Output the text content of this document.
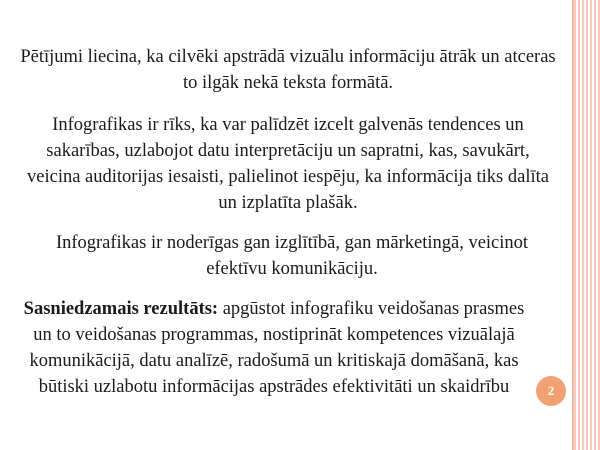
Pētījumi liecina, ka cilvēki apstrādā vizuālu informāciju ātrāk un atceras to ilgāk nekā teksta formātā.

Infografikas ir rīks, ka var palīdzēt izcelt galvenās tendences un sakarības, uzlabojot datu interpretāciju un sapratni, kas, savukārt, veicina auditorijas iesaisti, palielinot iespēju, ka informācija tiks dalīta un izplatīta plašāk.

Infografikas ir noderīgas gan izglītībā, gan mārketingā, veicinot efektīvu komunikāciju.

Sasniedzamais rezultāts: apgūstot infografiku veidošanas prasmes un to veidošanas programmas, nostiprināt kompetences vizuālajā komunikācijā, datu analīzē, radošumā un kritiskajā domāšanā, kas būtiski uzlabotu informācijas apstrādes efektivitāti un skaidrību	2
